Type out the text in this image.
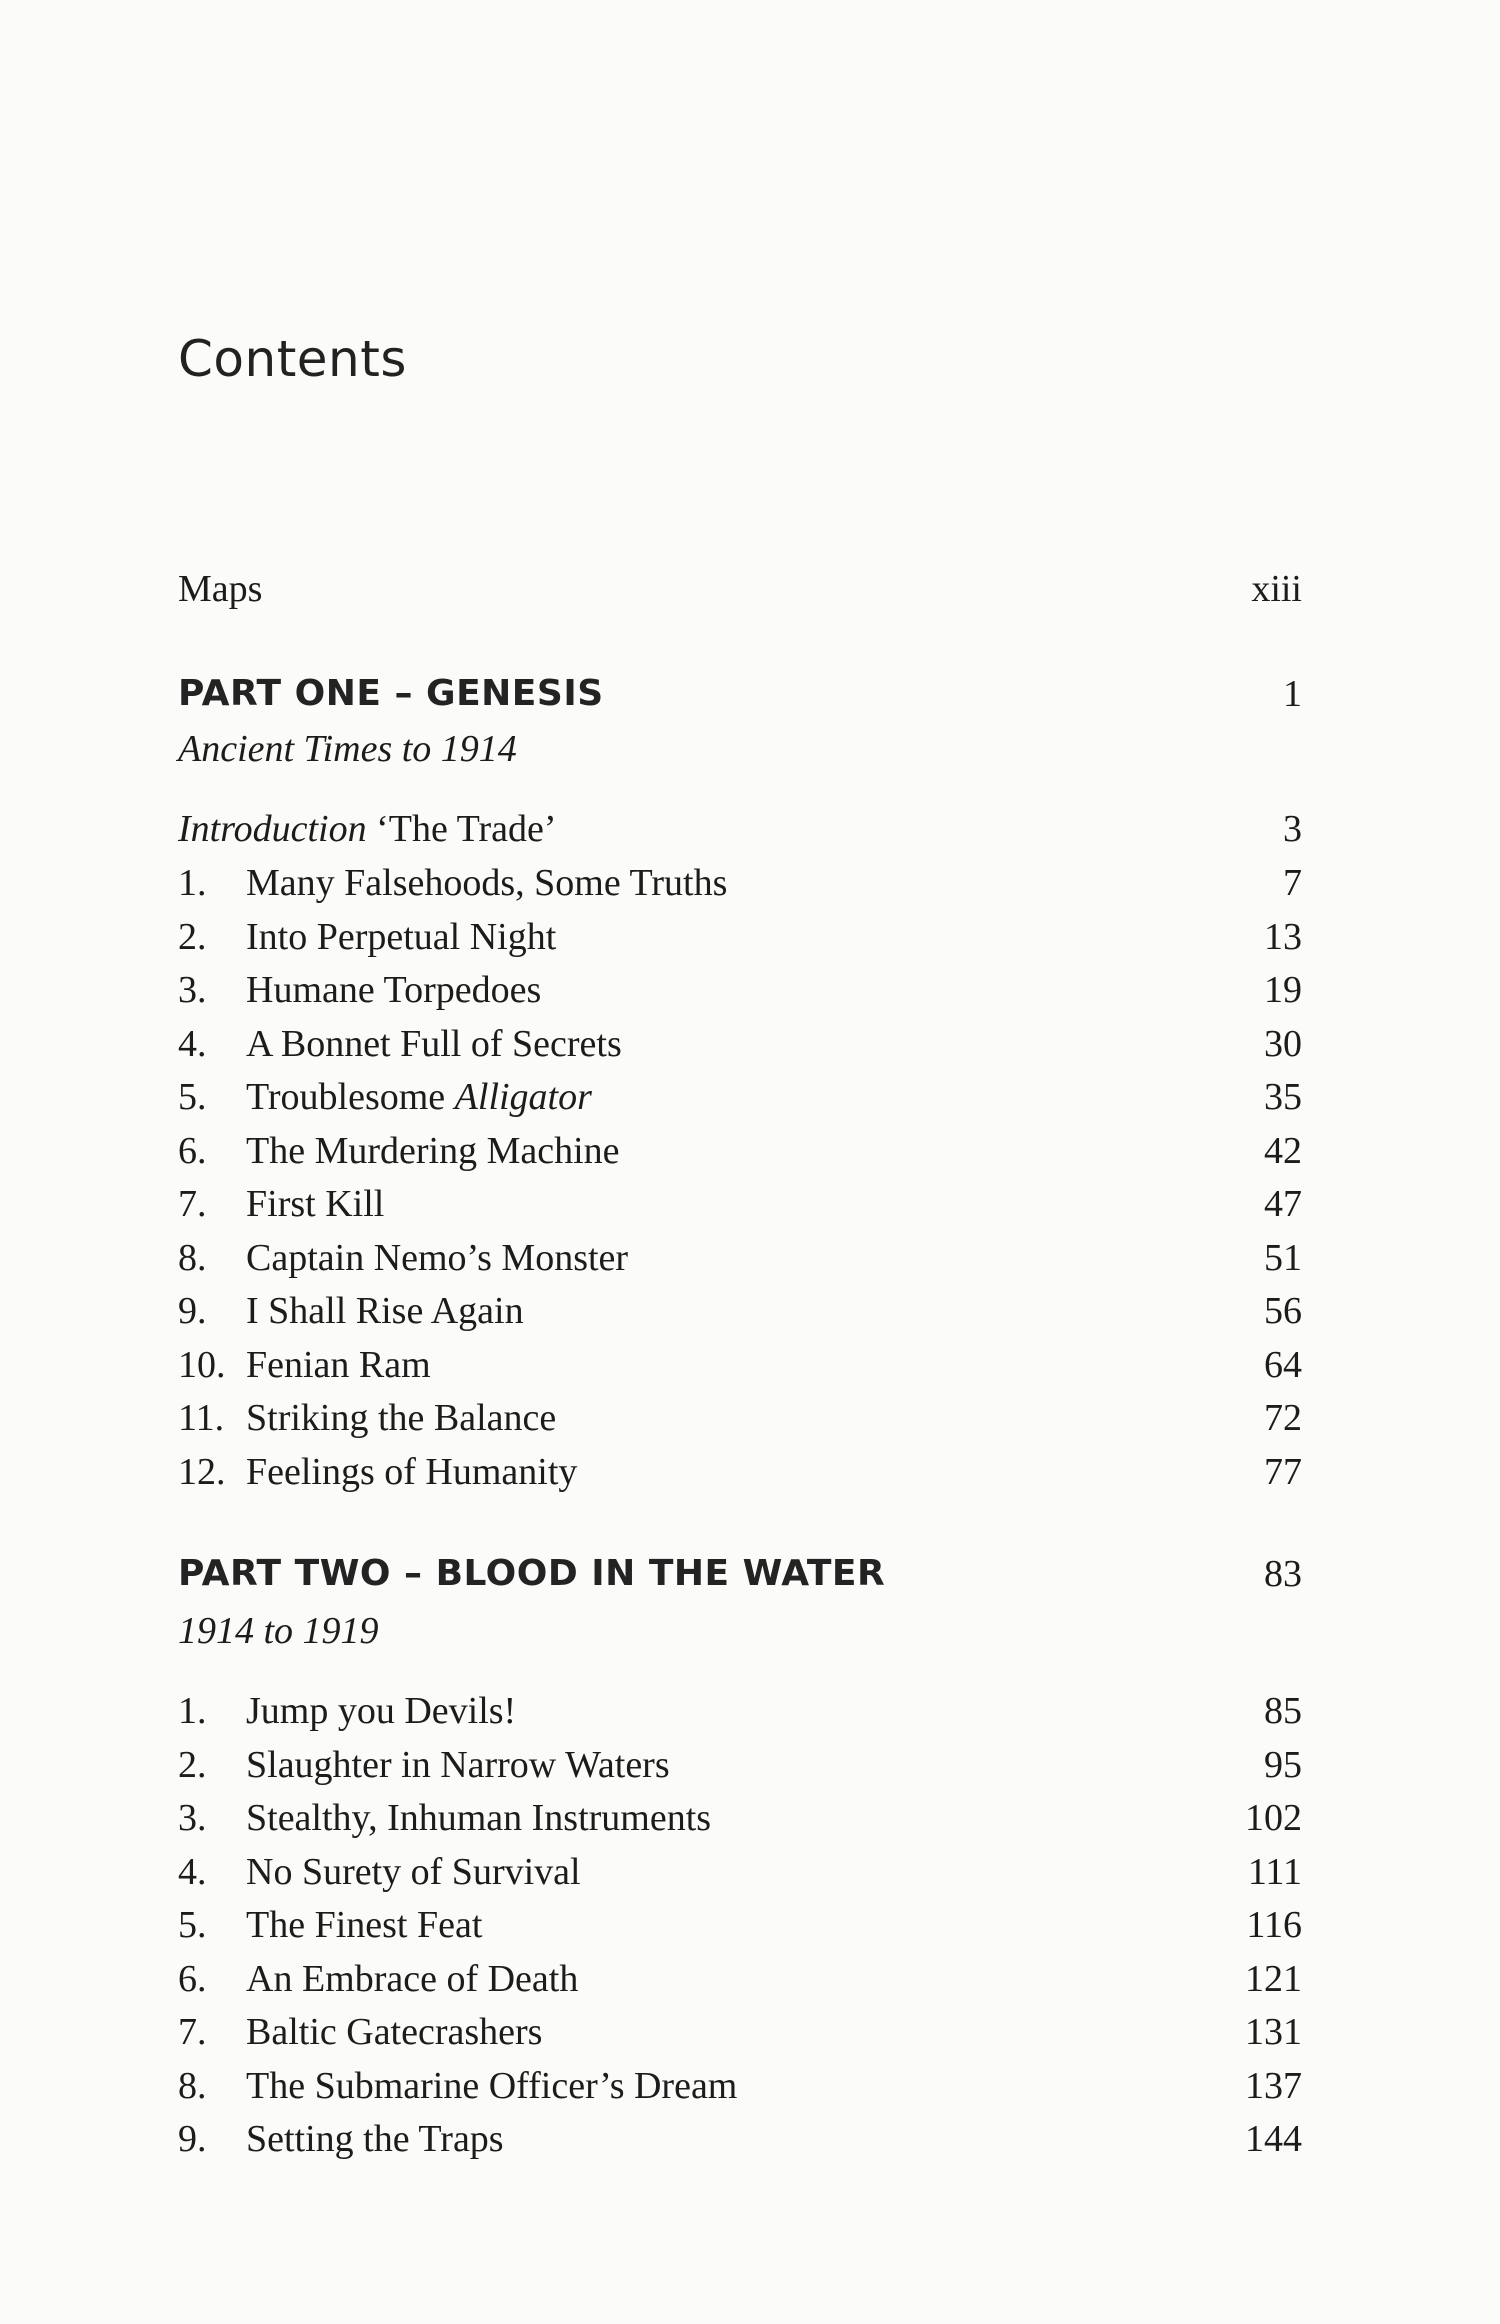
Contents
Maps	xiii
PART ONE – GENESIS	1
Ancient Times to 1914
Introduction ‘The Trade’	3
1. Many Falsehoods, Some Truths	7
2. Into Perpetual Night	13
3. Humane Torpedoes	19
4. A Bonnet Full of Secrets	30
5. Troublesome Alligator	35
6. The Murdering Machine	42
7. First Kill	47
8. Captain Nemo’s Monster	51
9. I Shall Rise Again	56
10. Fenian Ram	64
11. Striking the Balance	72
12. Feelings of Humanity	77
PART TWO – BLOOD IN THE WATER	83
1914 to 1919
1. Jump you Devils!	85
2. Slaughter in Narrow Waters	95
3. Stealthy, Inhuman Instruments	102
4. No Surety of Survival	111
5. The Finest Feat	116
6. An Embrace of Death	121
7. Baltic Gatecrashers	131
8. The Submarine Officer’s Dream	137
9. Setting the Traps	144
